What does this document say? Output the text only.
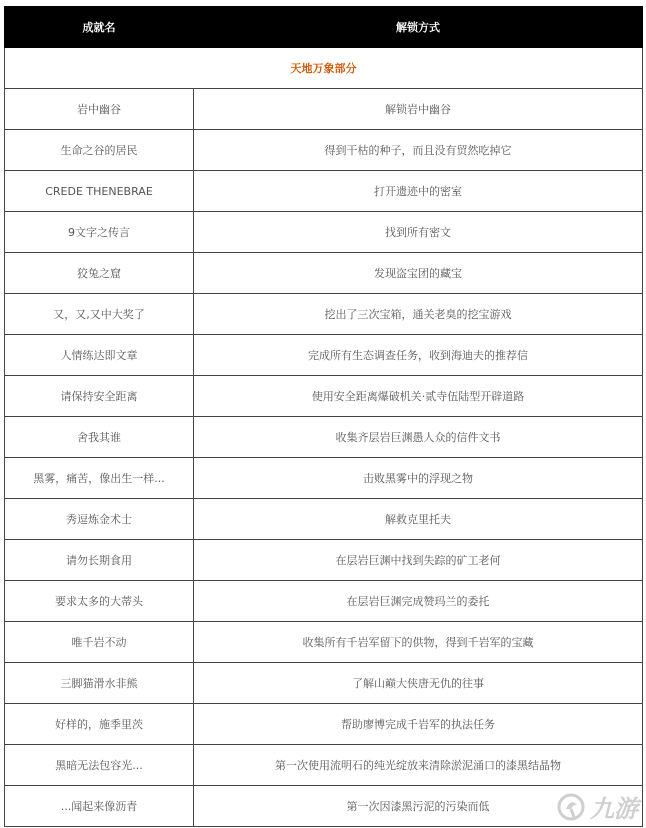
成就名	解锁方式
天地万象部分	
岩中幽谷	解锁岩中幽谷
生命之谷的居民	得到干枯的种子，而且没有贸然吃掉它
CREDE THENEBRAE	打开遗迹中的密室
9文字之传言	找到所有密文
狡兔之窟	发现盗宝团的藏宝
又，又,又中大奖了	挖出了三次宝箱，通关老臭的挖宝游戏
人情练达即文章	完成所有生态调查任务，收到海迪夫的推荐信
请保持安全距离	使用安全距离爆破机关·贰寺伍陆型开辟道路
舍我其谁	收集齐层岩巨渊愚人众的信件文书
黑雾，痛苦，像出生一样...	击败黑雾中的浮现之物
秀逗炼金术士	解救克里托夫
请勿长期食用	在层岩巨渊中找到失踪的矿工老何
要求太多的大蒂头	在层岩巨渊完成赞玛兰的委托
唯千岩不动	收集所有千岩军留下的供物，得到千岩军的宝藏
三脚猫滑水非熊	了解山巅大侠唐无仇的往事
好样的，施季里茨	帮助廖博完成千岩军的执法任务
黑暗无法包容光...	第一次使用流明石的纯光绽放来清除淤泥涌口的漆黑结晶物
...闻起来像沥青	第一次因漆黑污泥的污染而低	九游
